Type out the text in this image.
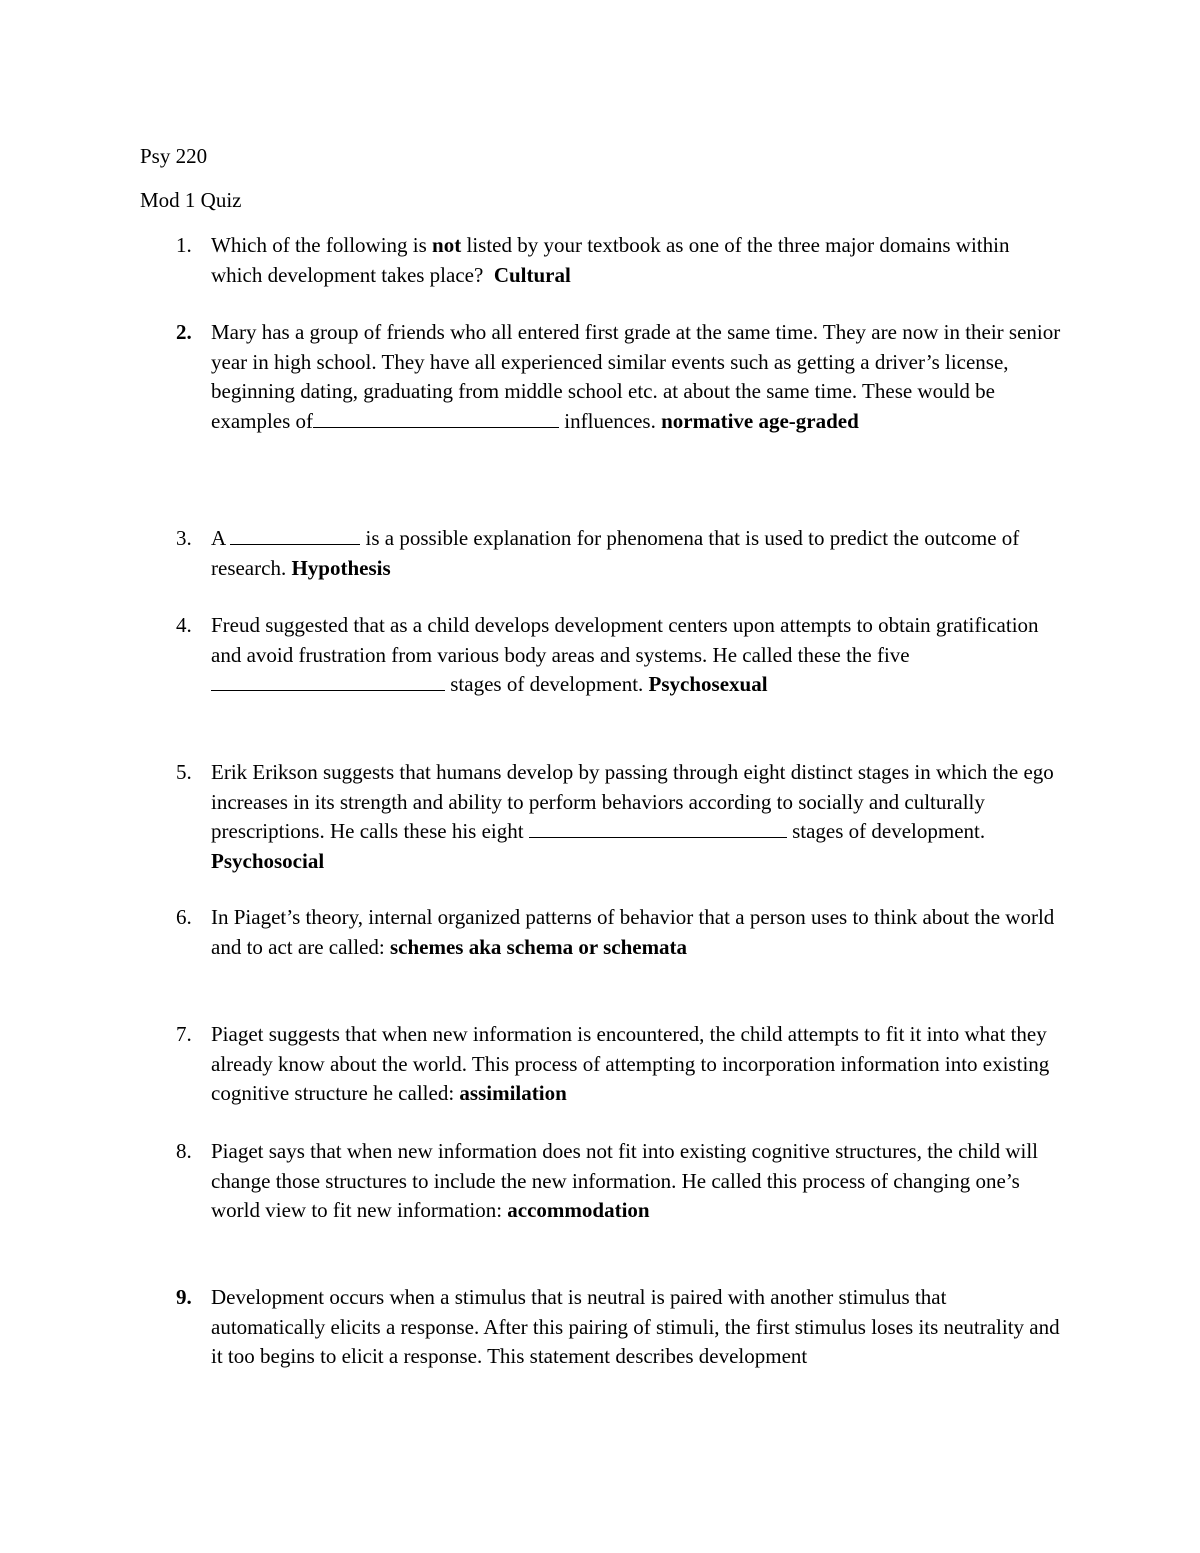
Psy 220

Mod 1 Quiz

1. Which of the following is not listed by your textbook as one of the three major domains within which development takes place? Cultural
2. Mary has a group of friends who all entered first grade at the same time. They are now in their senior year in high school. They have all experienced similar events such as getting a driver’s license, beginning dating, graduating from middle school etc. at about the same time. These would be examples of	influences. normative age-graded
3. A	is a possible explanation for phenomena that is used to predict the outcome of research. Hypothesis
4. Freud suggested that as a child develops development centers upon attempts to obtain gratification and avoid frustration from various body areas and systems. He called these the five  stages of development. Psychosexual
5. Erik Erikson suggests that humans develop by passing through eight distinct stages in which the ego increases in its strength and ability to perform behaviors according to socially and culturally prescriptions. He calls these his eight	stages of development. Psychosocial
6. In Piaget’s theory, internal organized patterns of behavior that a person uses to think about the world and to act are called: schemes aka schema or schemata
7. Piaget suggests that when new information is encountered, the child attempts to fit it into what they already know about the world. This process of attempting to incorporation information into existing cognitive structure he called: assimilation
8. Piaget says that when new information does not fit into existing cognitive structures, the child will change those structures to include the new information. He called this process of changing one’s world view to fit new information: accommodation
9. Development occurs when a stimulus that is neutral is paired with another stimulus that automatically elicits a response. After this pairing of stimuli, the first stimulus loses its neutrality and it too begins to elicit a response. This statement describes development
